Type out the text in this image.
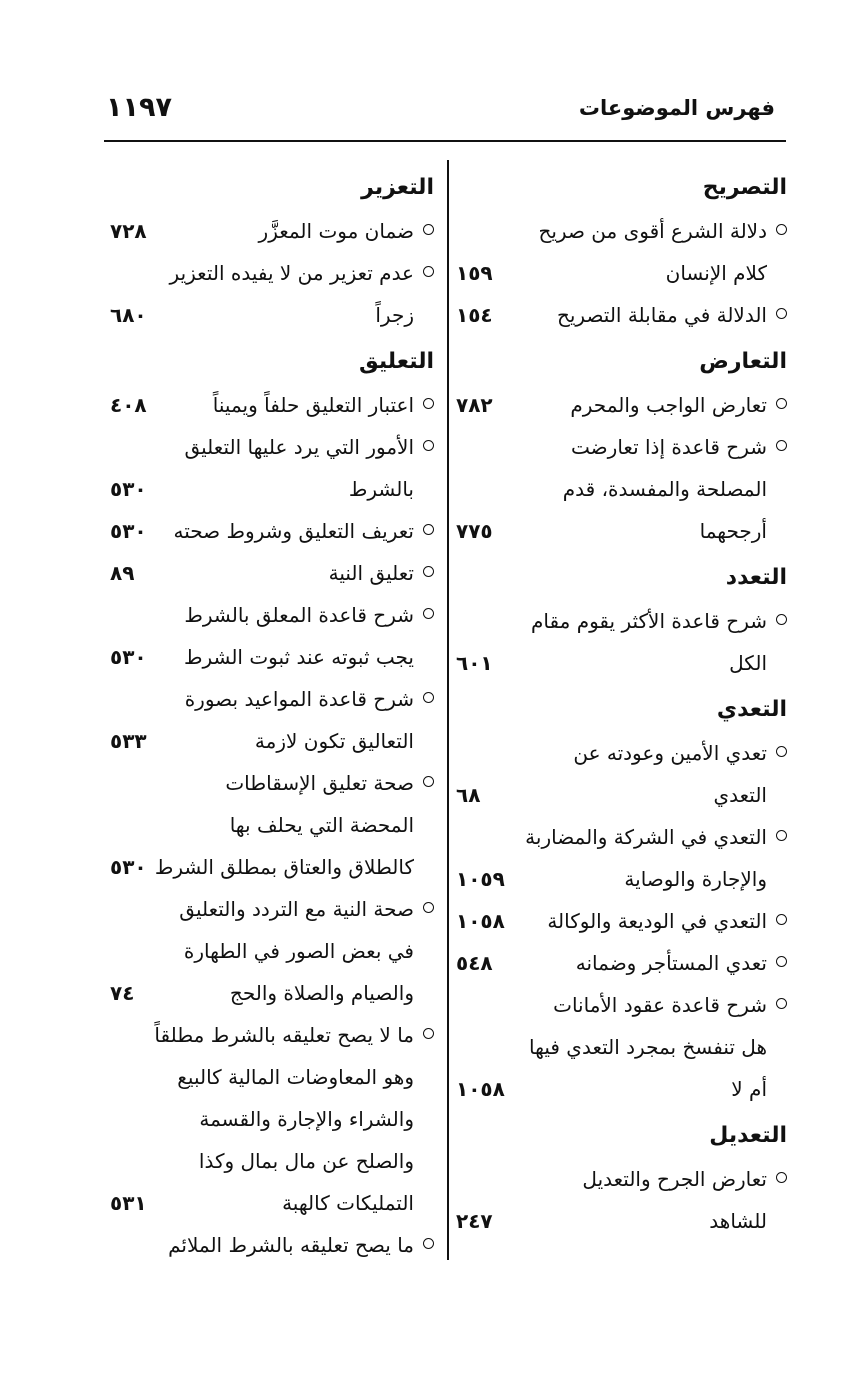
فهرس الموضوعات
١١٩٧
التصريح
دلالة الشرع أقوى من صريح
كلام الإنسان
١٥٩
الدلالة في مقابلة التصريح
١٥٤
التعارض
تعارض الواجب والمحرم
٧٨٢
شرح قاعدة إذا تعارضت
المصلحة والمفسدة، قدم
أرجحهما
٧٧٥
التعدد
شرح قاعدة الأكثر يقوم مقام
الكل
٦٠١
التعدي
تعدي الأمين وعودته عن
التعدي
٦٨
التعدي في الشركة والمضاربة
والإجارة والوصاية
١٠٥٩
التعدي في الوديعة والوكالة
١٠٥٨
تعدي المستأجر وضمانه
٥٤٨
شرح قاعدة عقود الأمانات
هل تنفسخ بمجرد التعدي فيها
أم لا
١٠٥٨
التعديل
تعارض الجرح والتعديل
للشاهد
٢٤٧
التعزير
ضمان موت المعزَّر
٧٢٨
عدم تعزير من لا يفيده التعزير
زجراً
٦٨٠
التعليق
اعتبار التعليق حلفاً ويميناً
٤٠٨
الأمور التي يرد عليها التعليق
بالشرط
٥٣٠
تعريف التعليق وشروط صحته
٥٣٠
تعليق النية
٨٩
شرح قاعدة المعلق بالشرط
يجب ثبوته عند ثبوت الشرط
٥٣٠
شرح قاعدة المواعيد بصورة
التعاليق تكون لازمة
٥٣٣
صحة تعليق الإسقاطات
المحضة التي يحلف بها
كالطلاق والعتاق بمطلق الشرط
٥٣٠
صحة النية مع التردد والتعليق
في بعض الصور في الطهارة
والصيام والصلاة والحج
٧٤
ما لا يصح تعليقه بالشرط مطلقاً
وهو المعاوضات المالية كالبيع
والشراء والإجارة والقسمة
والصلح عن مال بمال وكذا
التمليكات كالهبة
٥٣١
ما يصح تعليقه بالشرط الملائم
